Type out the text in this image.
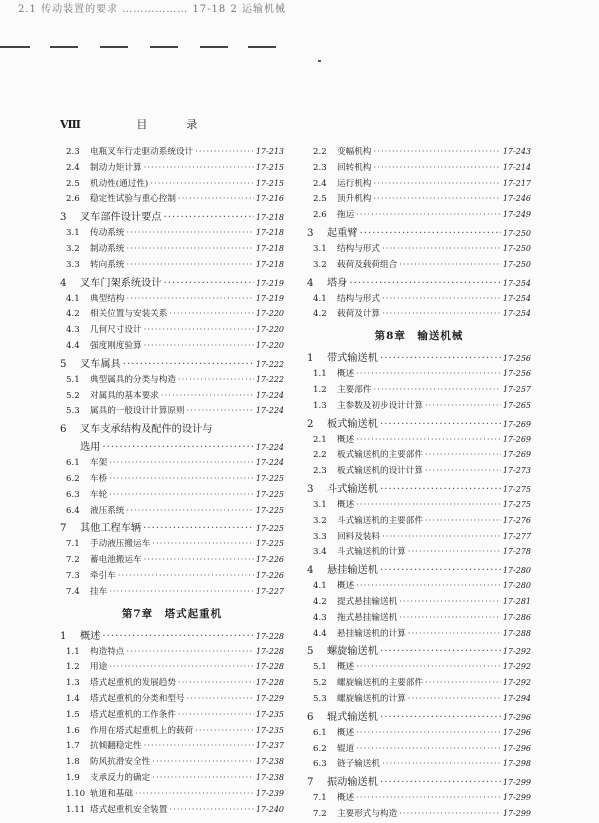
2.1 传动装置的要求 ……………… 17-18 2 运输机械
Ⅷ	目　录
2.3	电瓶叉车行走驱动系统设计 ·····	17-213
2.4	制动力矩计算 ·····	17-215
2.5	机动性(通过性) ·····	17-215
2.6	稳定性试验与重心控制 ·····	17-216
3	叉车部件设计要点 ·····	17-218
3.1	传动系统 ·····	17-218
3.2	制动系统 ·····	17-218
3.3	转向系统 ·····	17-218
4	叉车门架系统设计 ·····	17-219
4.1	典型结构 ·····	17-219
4.2	相关位置与安装关系 ·····	17-220
4.3	几何尺寸设计 ·····	17-220
4.4	强度刚度验算 ·····	17-220
5	叉车属具 ·····	17-222
5.1	典型属具的分类与构造 ·····	17-222
5.2	对属具的基本要求 ·····	17-224
5.3	属具的一般设计计算原则 ·····	17-224
6	叉车支承结构及配件的设计与
选用 ·····	17-224
6.1	车架 ·····	17-224
6.2	车桥 ·····	17-225
6.3	车轮 ·····	17-225
6.4	液压系统 ·····	17-225
7	其他工程车辆 ·····	17-225
7.1	手动液压搬运车 ·····	17-225
7.2	蓄电池搬运车 ·····	17-226
7.3	牵引车 ·····	17-226
7.4	挂车 ·····	17-227
第7章　塔式起重机
1	概述 ·····	17-228
1.1	构造特点 ·····	17-228
1.2	用途 ·····	17-228
1.3	塔式起重机的发展趋势 ·····	17-228
1.4	塔式起重机的分类和型号 ·····	17-229
1.5	塔式起重机的工作条件 ·····	17-235
1.6	作用在塔式起重机上的载荷 ·····	17-235
1.7	抗倾翻稳定性 ·····	17-237
1.8	防风抗滑安全性 ·····	17-238
1.9	支承反力的确定 ·····	17-238
1.10 轨道和基础 ·····	17-239
1.11 塔式起重机安全装置 ·····	17-240
2.2	变幅机构 ·····	17-243
2.3	回转机构 ·····	17-214
2.4	运行机构 ·····	17-217
2.5	顶升机构 ·····	17-246
2.6	拖运 ·····	17-249
3	起重臂 ·····	17-250
3.1	结构与形式 ·····	17-250
3.2	载荷及载荷组合 ·····	17-250
4	塔身 ·····	17-254
4.1	结构与形式 ·····	17-254
4.2	载荷及计算 ·····	17-254
第8章　输送机械
1	带式输送机 ·····	17-256
1.1	概述 ·····	17-256
1.2	主要部件 ·····	17-257
1.3	主参数及初步设计计算 ·····	17-265
2	板式输送机 ·····	17-269
2.1	概述 ·····	17-269
2.2	板式输送机的主要部件 ·····	17-269
2.3	板式输送机的设计计算 ·····	17-273
3	斗式输送机 ·····	17-275
3.1	概述 ·····	17-275
3.2	斗式输送机的主要部件 ·····	17-276
3.3	回料及装料 ·····	17-277
3.4	斗式输送机的计算 ·····	17-278
4	悬挂输送机 ·····	17-280
4.1	概述 ·····	17-280
4.2	提式悬挂输送机 ·····	17-281
4.3	拖式悬挂输送机 ·····	17-286
4.4	悬挂输送机的计算 ·····	17-288
5	螺旋输送机 ·····	17-292
5.1	概述 ·····	17-292
5.2	螺旋输送机的主要部件 ·····	17-292
5.3	螺旋输送机的计算 ·····	17-294
6	辊式输送机 ·····	17-296
6.1	概述 ·····	17-296
6.2	辊道 ·····	17-296
6.3	链子输送机 ·····	17-298
7	振动输送机 ·····	17-299
7.1	概述 ·····	17-299
7.2	主要形式与构造 ·····	17-299
